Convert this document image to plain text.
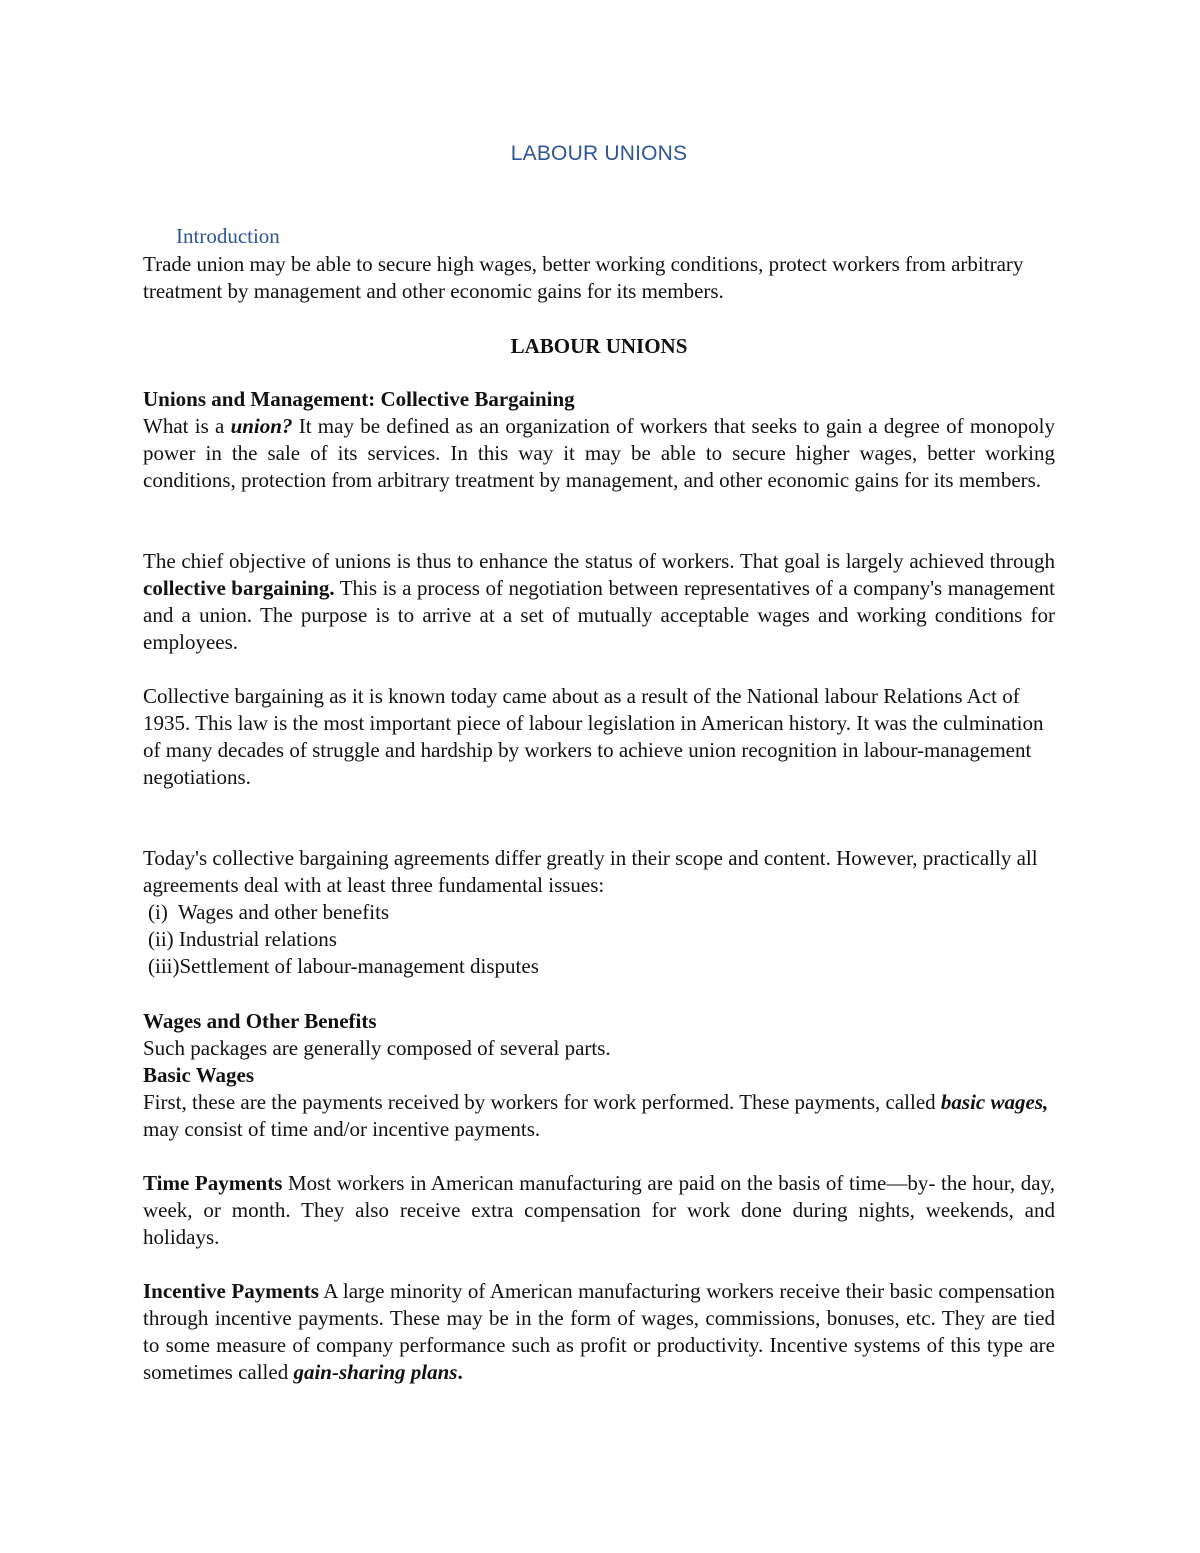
LABOUR UNIONS
Introduction
Trade union may be able to secure high wages, better working conditions, protect workers from arbitrary treatment by management and other economic gains for its members.
LABOUR UNIONS
Unions and Management: Collective Bargaining
What is a union? It may be defined as an organization of workers that seeks to gain a degree of monopoly power in the sale of its services. In this way it may be able to secure higher wages, better working conditions, protection from arbitrary treatment by management, and other economic gains for its members.
The chief objective of unions is thus to enhance the status of workers. That goal is largely achieved through collective bargaining. This is a process of negotiation between representatives of a company's management and a union. The purpose is to arrive at a set of mutually acceptable wages and working conditions for employees.
Collective bargaining as it is known today came about as a result of the National labour Relations Act of 1935. This law is the most important piece of labour legislation in American history. It was the culmination of many decades of struggle and hardship by workers to achieve union recognition in labour-management negotiations.
Today's collective bargaining agreements differ greatly in their scope and content. However, practically all agreements deal with at least three fundamental issues:
(i)  Wages and other benefits
(ii) Industrial relations
(iii)Settlement of labour-management disputes
Wages and Other Benefits
Such packages are generally composed of several parts.
Basic Wages
First, these are the payments received by workers for work performed. These payments, called basic wages, may consist of time and/or incentive payments.
Time Payments Most workers in American manufacturing are paid on the basis of time—by- the hour, day, week, or month. They also receive extra compensation for work done during nights, weekends, and holidays.
Incentive Payments A large minority of American manufacturing workers receive their basic compensation through incentive payments. These may be in the form of wages, commissions, bonuses, etc. They are tied to some measure of company performance such as profit or productivity. Incentive systems of this type are sometimes called gain-sharing plans.
